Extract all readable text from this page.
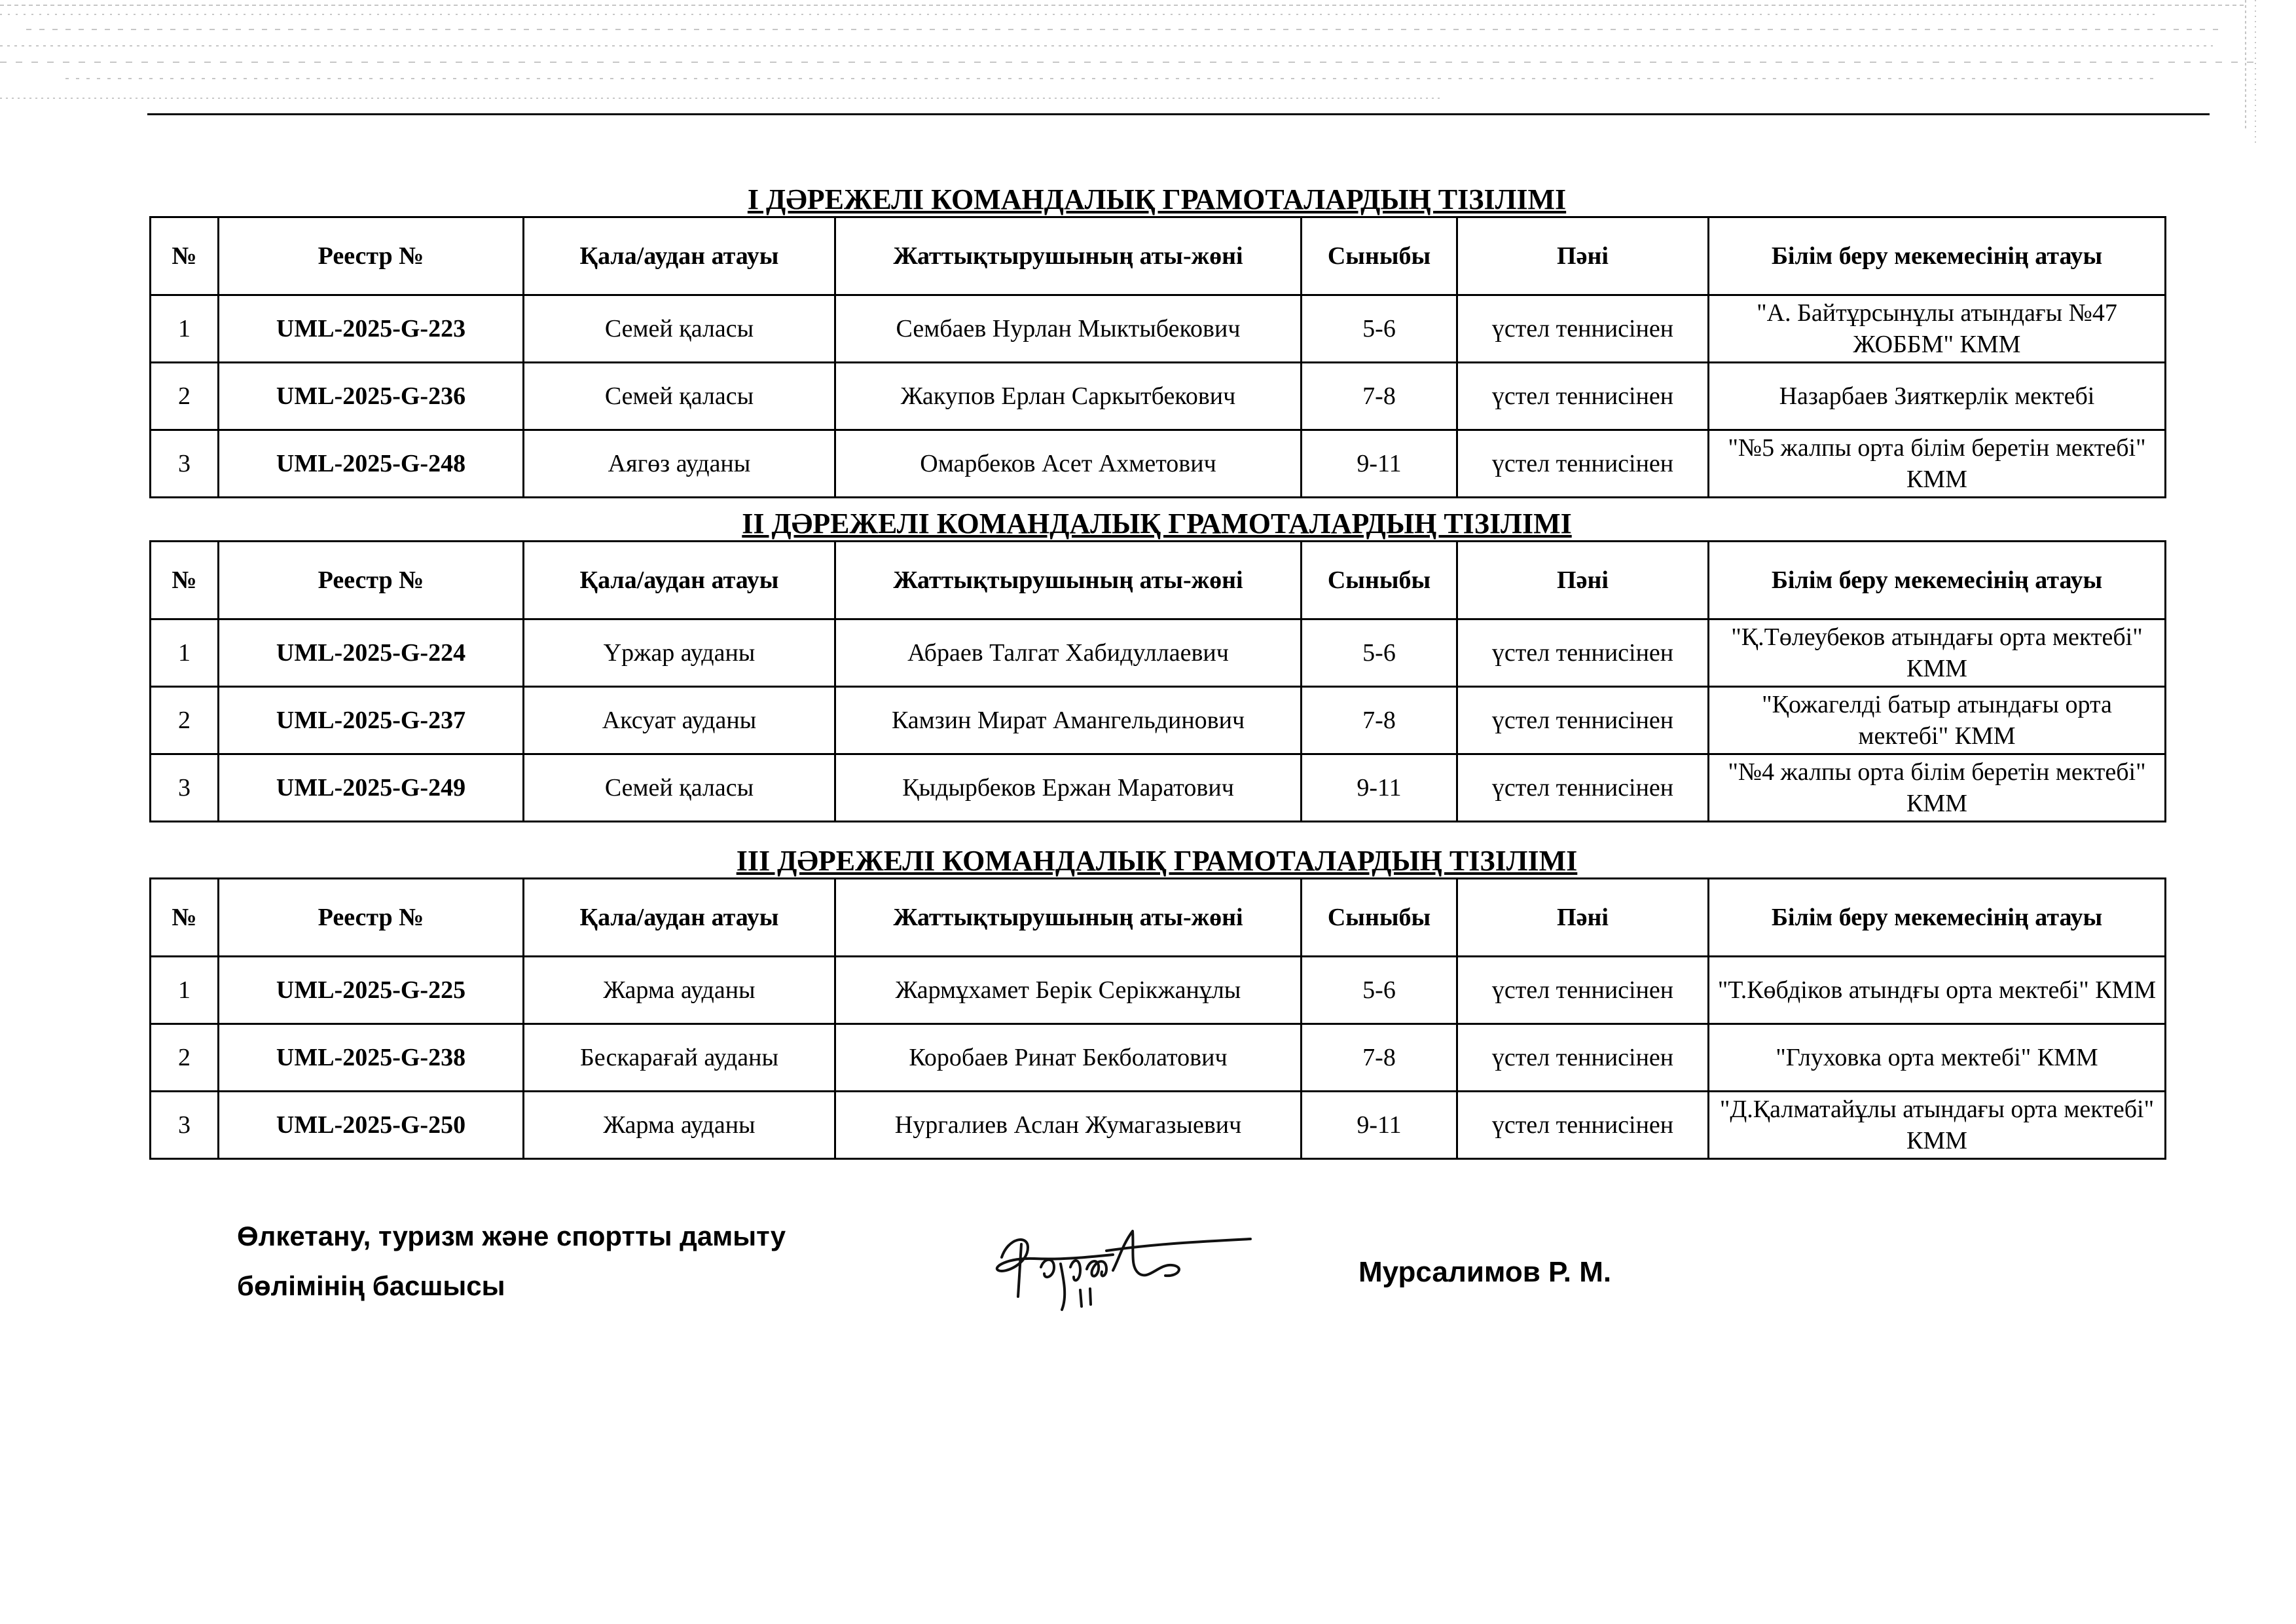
I ДӘРЕЖЕЛІ КОМАНДАЛЫҚ ГРАМОТАЛАРДЫҢ ТІЗІЛІМІ
№	Реестр №	Қала/аудан атауы	Жаттықтырушының аты-жөні	Сыныбы	Пәні	Білім беру мекемесінің атауы
1	UML-2025-G-223	Семей қаласы	Сембаев Нурлан Мыктыбекович	5-6	үстел теннисінен	"А. Байтұрсынұлы атындағы №47 ЖОББМ" КММ
2	UML-2025-G-236	Семей қаласы	Жакупов Ерлан Саркытбекович	7-8	үстел теннисінен	Назарбаев Зияткерлік мектебі
3	UML-2025-G-248	Аягөз ауданы	Омарбеков Асет Ахметович	9-11	үстел теннисінен	"№5 жалпы орта білім беретін мектебі" КММ
II ДӘРЕЖЕЛІ КОМАНДАЛЫҚ ГРАМОТАЛАРДЫҢ ТІЗІЛІМІ
№	Реестр №	Қала/аудан атауы	Жаттықтырушының аты-жөні	Сыныбы	Пәні	Білім беру мекемесінің атауы
1	UML-2025-G-224	Үржар ауданы	Абраев Талгат Хабидуллаевич	5-6	үстел теннисінен	"Қ.Төлеубеков атындағы орта мектебі" КММ
2	UML-2025-G-237	Аксуат ауданы	Камзин Мират Амангельдинович	7-8	үстел теннисінен	"Қожагелді батыр атындағы орта мектебі" КММ
3	UML-2025-G-249	Семей қаласы	Қыдырбеков Ержан Маратович	9-11	үстел теннисінен	"№4 жалпы орта білім беретін мектебі" КММ
III ДӘРЕЖЕЛІ КОМАНДАЛЫҚ ГРАМОТАЛАРДЫҢ ТІЗІЛІМІ
№	Реестр №	Қала/аудан атауы	Жаттықтырушының аты-жөні	Сыныбы	Пәні	Білім беру мекемесінің атауы
1	UML-2025-G-225	Жарма ауданы	Жармұхамет Берік Серікжанұлы	5-6	үстел теннисінен	"Т.Көбдіков атындғы орта мектебі" КММ
2	UML-2025-G-238	Бескарағай ауданы	Коробаев Ринат Бекболатович	7-8	үстел теннисінен	"Глуховка орта мектебі" КММ
3	UML-2025-G-250	Жарма ауданы	Нургалиев Аслан Жумагазыевич	9-11	үстел теннисінен	"Д.Қалматайұлы атындағы орта мектебі" КММ
Өлкетану, туризм және спортты дамыту
бөлімінің басшысы	Мурсалимов Р. М.
